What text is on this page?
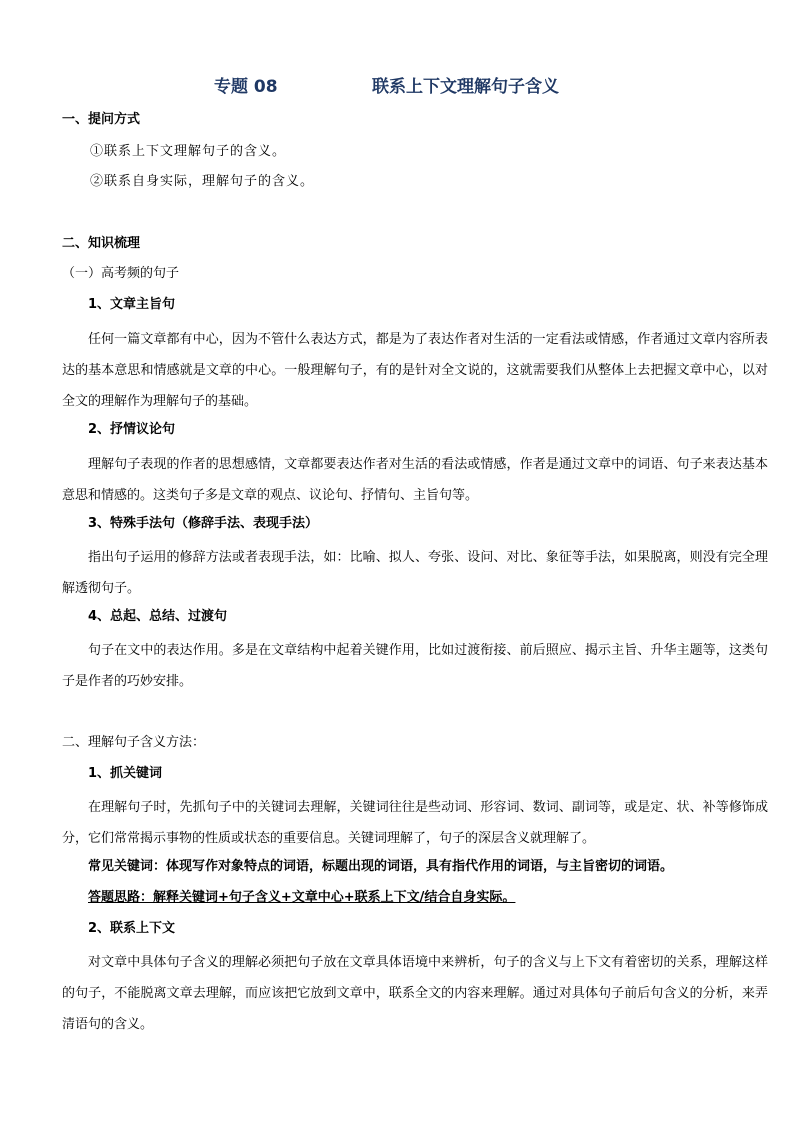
专题 08	联系上下文理解句子含义
一、提问方式
①联系上下文理解句子的含义。
②联系自身实际，理解句子的含义。
二、知识梳理
（一）高考频的句子
1、文章主旨句
任何一篇文章都有中心，因为不管什么表达方式，都是为了表达作者对生活的一定看法或情感，作者通过文章内容所表达的基本意思和情感就是文章的中心。一般理解句子，有的是针对全文说的，这就需要我们从整体上去把握文章中心，以对全文的理解作为理解句子的基础。
2、抒情议论句
理解句子表现的作者的思想感情，文章都要表达作者对生活的看法或情感，作者是通过文章中的词语、句子来表达基本意思和情感的。这类句子多是文章的观点、议论句、抒情句、主旨句等。
3、特殊手法句（修辞手法、表现手法）
指出句子运用的修辞方法或者表现手法，如：比喻、拟人、夸张、设问、对比、象征等手法，如果脱离，则没有完全理解透彻句子。
4、总起、总结、过渡句
句子在文中的表达作用。多是在文章结构中起着关键作用，比如过渡衔接、前后照应、揭示主旨、升华主题等，这类句子是作者的巧妙安排。
二、理解句子含义方法：
1、抓关键词
在理解句子时，先抓句子中的关键词去理解，关键词往往是些动词、形容词、数词、副词等，或是定、状、补等修饰成分，它们常常揭示事物的性质或状态的重要信息。关键词理解了，句子的深层含义就理解了。
常见关键词：体现写作对象特点的词语，标题出现的词语，具有指代作用的词语，与主旨密切的词语。
答题思路：解释关键词+句子含义+文章中心+联系上下文/结合自身实际。
2、联系上下文
对文章中具体句子含义的理解必须把句子放在文章具体语境中来辨析，句子的含义与上下文有着密切的关系，理解这样的句子，不能脱离文章去理解，而应该把它放到文章中，联系全文的内容来理解。通过对具体句子前后句含义的分析，来弄清语句的含义。
